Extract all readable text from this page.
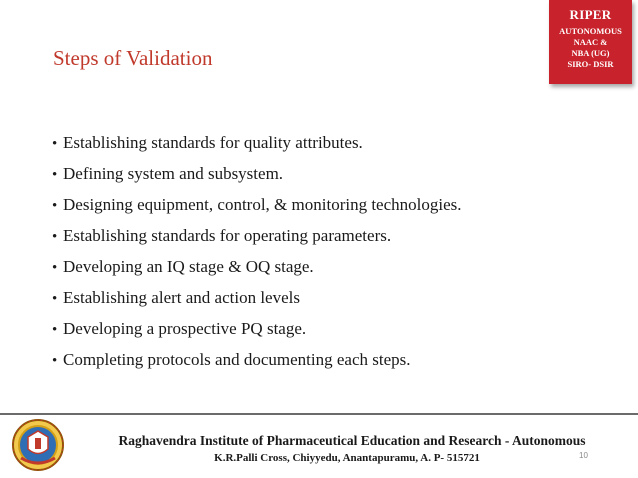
Steps of Validation
RIPER
AUTONOMOUS
NAAC &
NBA (UG)
SIRO- DSIR
• Establishing standards for quality attributes.
• Defining system and subsystem.
• Designing equipment, control, & monitoring technologies.
• Establishing standards for operating parameters.
• Developing an IQ stage & OQ stage.
• Establishing alert and action levels
• Developing a prospective PQ stage.
• Completing protocols and documenting each steps.
Raghavendra Institute of Pharmaceutical Education and Research - Autonomous
K.R.Palli Cross, Chiyyedu, Anantapuramu, A. P- 515721	10
